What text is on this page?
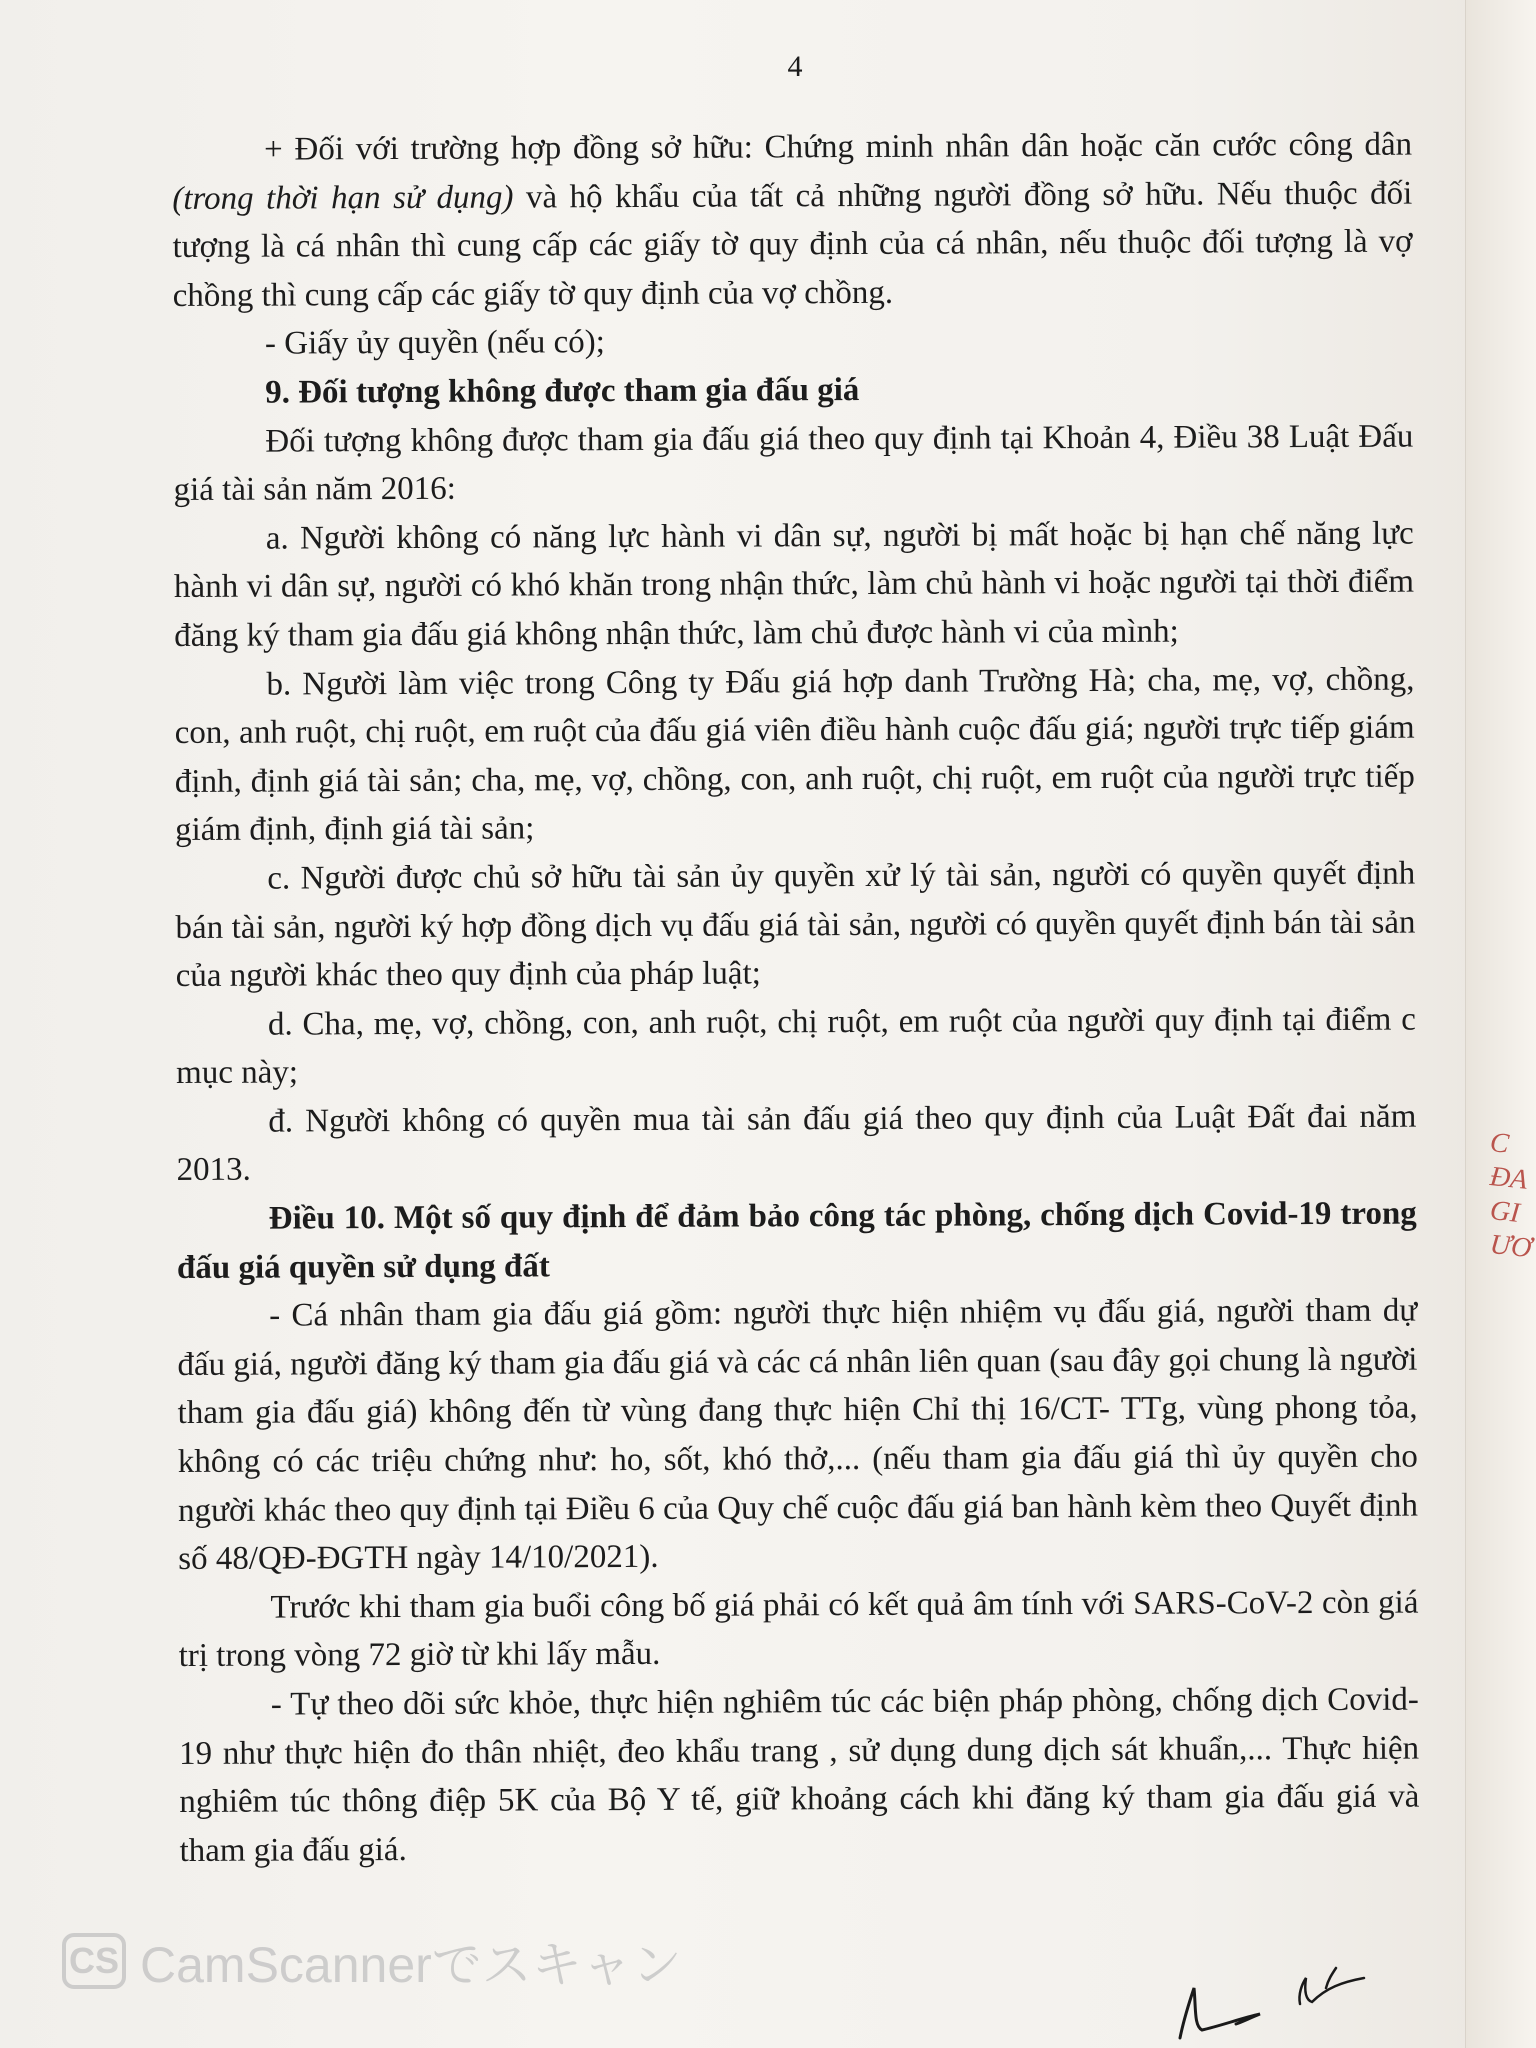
C
ĐA
GI
ƯƠ
4

+ Đối với trường hợp đồng sở hữu: Chứng minh nhân dân hoặc căn cước công dân (trong thời hạn sử dụng) và hộ khẩu của tất cả những người đồng sở hữu. Nếu thuộc đối tượng là cá nhân thì cung cấp các giấy tờ quy định của cá nhân, nếu thuộc đối tượng là vợ chồng thì cung cấp các giấy tờ quy định của vợ chồng.

- Giấy ủy quyền (nếu có);

9. Đối tượng không được tham gia đấu giá

Đối tượng không được tham gia đấu giá theo quy định tại Khoản 4, Điều 38 Luật Đấu giá tài sản năm 2016:

a. Người không có năng lực hành vi dân sự, người bị mất hoặc bị hạn chế năng lực hành vi dân sự, người có khó khăn trong nhận thức, làm chủ hành vi hoặc người tại thời điểm đăng ký tham gia đấu giá không nhận thức, làm chủ được hành vi của mình;

b. Người làm việc trong Công ty Đấu giá hợp danh Trường Hà; cha, mẹ, vợ, chồng, con, anh ruột, chị ruột, em ruột của đấu giá viên điều hành cuộc đấu giá; người trực tiếp giám định, định giá tài sản; cha, mẹ, vợ, chồng, con, anh ruột, chị ruột, em ruột của người trực tiếp giám định, định giá tài sản;

c. Người được chủ sở hữu tài sản ủy quyền xử lý tài sản, người có quyền quyết định bán tài sản, người ký hợp đồng dịch vụ đấu giá tài sản, người có quyền quyết định bán tài sản của người khác theo quy định của pháp luật;

d. Cha, mẹ, vợ, chồng, con, anh ruột, chị ruột, em ruột của người quy định tại điểm c mục này;

đ. Người không có quyền mua tài sản đấu giá theo quy định của Luật Đất đai năm 2013.

Điều 10. Một số quy định để đảm bảo công tác phòng, chống dịch Covid-19 trong đấu giá quyền sử dụng đất

- Cá nhân tham gia đấu giá gồm: người thực hiện nhiệm vụ đấu giá, người tham dự đấu giá, người đăng ký tham gia đấu giá và các cá nhân liên quan (sau đây gọi chung là người tham gia đấu giá) không đến từ vùng đang thực hiện Chỉ thị 16/CT- TTg, vùng phong tỏa, không có các triệu chứng như: ho, sốt, khó thở,... (nếu tham gia đấu giá thì ủy quyền cho người khác theo quy định tại Điều 6 của Quy chế cuộc đấu giá ban hành kèm theo Quyết định số 48/QĐ-ĐGTH ngày 14/10/2021).

Trước khi tham gia buổi công bố giá phải có kết quả âm tính với SARS-CoV-2 còn giá trị trong vòng 72 giờ từ khi lấy mẫu.

- Tự theo dõi sức khỏe, thực hiện nghiêm túc các biện pháp phòng, chống dịch Covid-19 như thực hiện đo thân nhiệt, đeo khẩu trang , sử dụng dung dịch sát khuẩn,... Thực hiện nghiêm túc thông điệp 5K của Bộ Y tế, giữ khoảng cách khi đăng ký tham gia đấu giá và tham gia đấu giá.

CS CamScannerでスキャン
